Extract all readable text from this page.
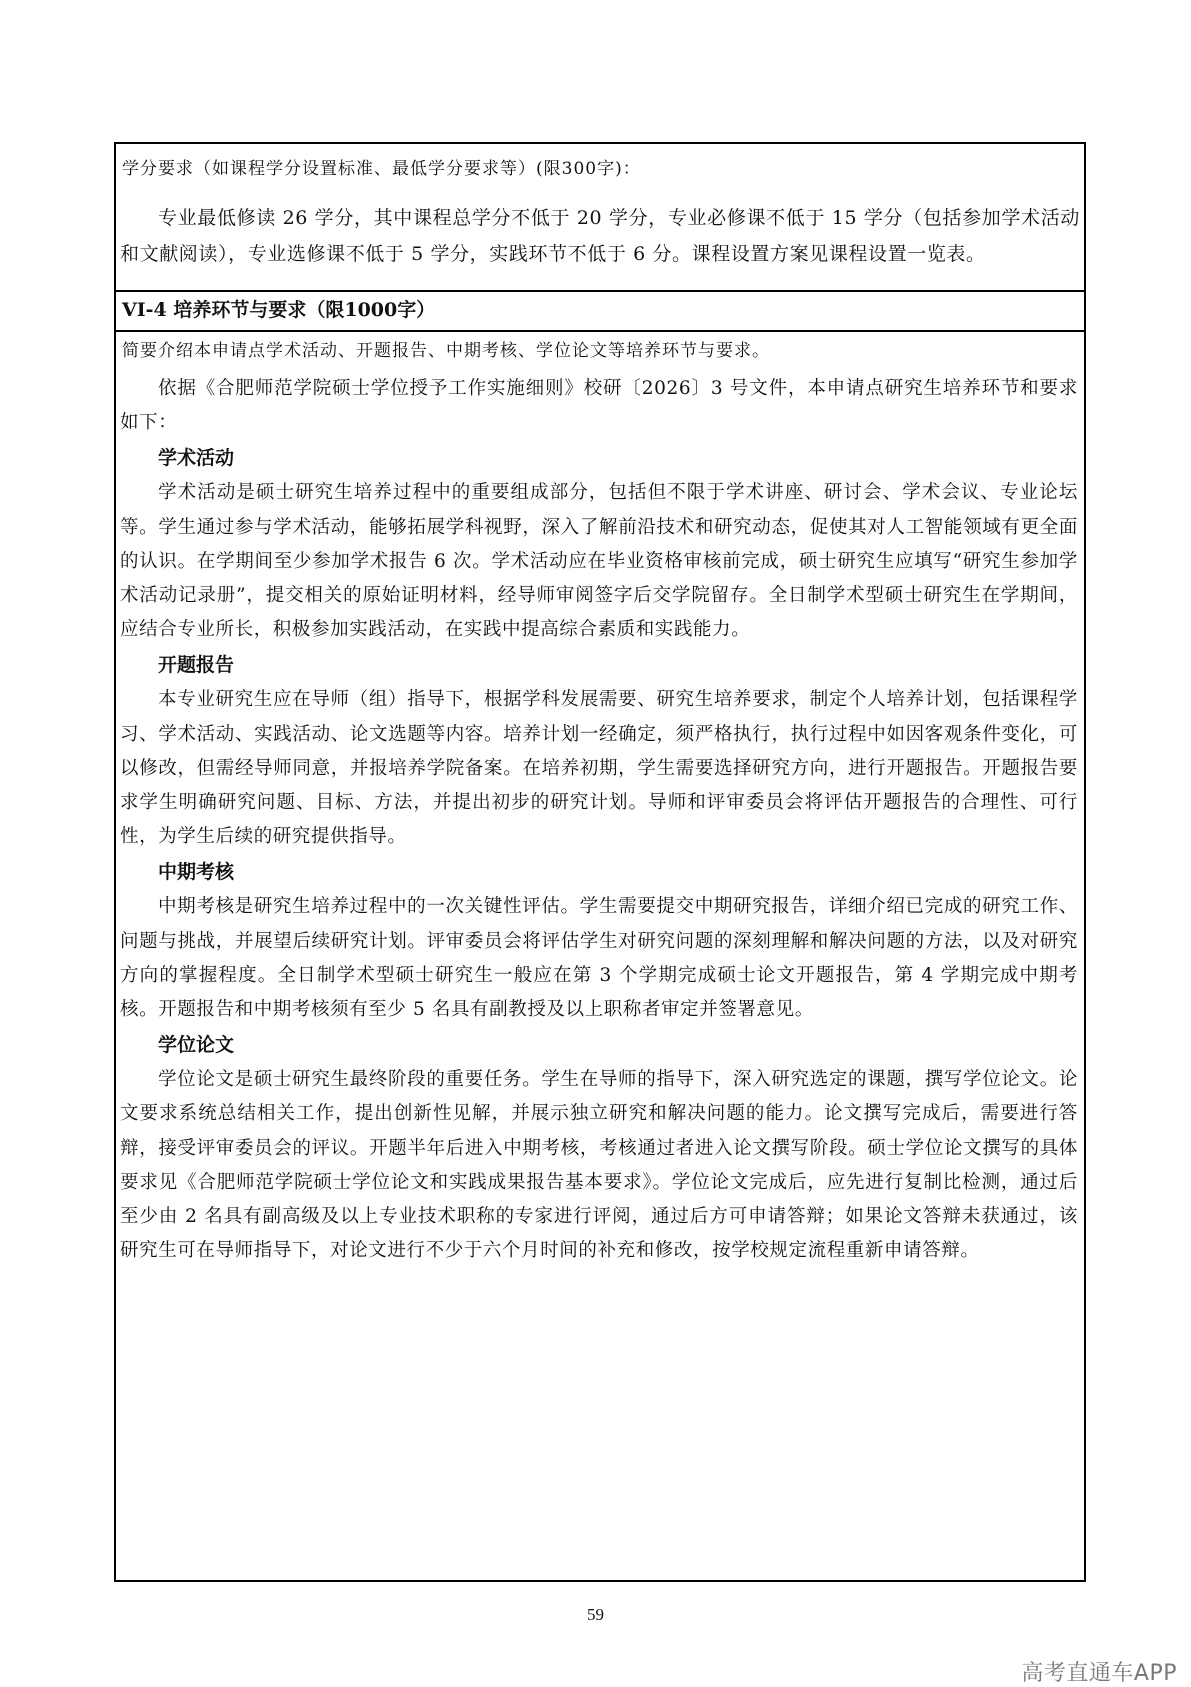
学分要求（如课程学分设置标准、最低学分要求等）(限300字)：

专业最低修读 26 学分，其中课程总学分不低于 20 学分，专业必修课不低于 15 学分（包括参加学术活动和文献阅读），专业选修课不低于 5 学分，实践环节不低于 6 分。课程设置方案见课程设置一览表。

VI-4 培养环节与要求（限1000字）

简要介绍本申请点学术活动、开题报告、中期考核、学位论文等培养环节与要求。

依据《合肥师范学院硕士学位授予工作实施细则》校研〔2026〕3 号文件，本申请点研究生培养环节和要求如下：

学术活动

学术活动是硕士研究生培养过程中的重要组成部分，包括但不限于学术讲座、研讨会、学术会议、专业论坛等。学生通过参与学术活动，能够拓展学科视野，深入了解前沿技术和研究动态，促使其对人工智能领域有更全面的认识。在学期间至少参加学术报告 6 次。学术活动应在毕业资格审核前完成，硕士研究生应填写“研究生参加学术活动记录册”，提交相关的原始证明材料，经导师审阅签字后交学院留存。全日制学术型硕士研究生在学期间，应结合专业所长，积极参加实践活动，在实践中提高综合素质和实践能力。

开题报告

本专业研究生应在导师（组）指导下，根据学科发展需要、研究生培养要求，制定个人培养计划，包括课程学习、学术活动、实践活动、论文选题等内容。培养计划一经确定，须严格执行，执行过程中如因客观条件变化，可以修改，但需经导师同意，并报培养学院备案。在培养初期，学生需要选择研究方向，进行开题报告。开题报告要求学生明确研究问题、目标、方法，并提出初步的研究计划。导师和评审委员会将评估开题报告的合理性、可行性，为学生后续的研究提供指导。

中期考核

中期考核是研究生培养过程中的一次关键性评估。学生需要提交中期研究报告，详细介绍已完成的研究工作、问题与挑战，并展望后续研究计划。评审委员会将评估学生对研究问题的深刻理解和解决问题的方法，以及对研究方向的掌握程度。全日制学术型硕士研究生一般应在第 3 个学期完成硕士论文开题报告，第 4 学期完成中期考核。开题报告和中期考核须有至少 5 名具有副教授及以上职称者审定并签署意见。

学位论文

学位论文是硕士研究生最终阶段的重要任务。学生在导师的指导下，深入研究选定的课题，撰写学位论文。论文要求系统总结相关工作，提出创新性见解，并展示独立研究和解决问题的能力。论文撰写完成后，需要进行答辩，接受评审委员会的评议。开题半年后进入中期考核，考核通过者进入论文撰写阶段。硕士学位论文撰写的具体要求见《合肥师范学院硕士学位论文和实践成果报告基本要求》。学位论文完成后，应先进行复制比检测，通过后至少由 2 名具有副高级及以上专业技术职称的专家进行评阅，通过后方可申请答辩；如果论文答辩未获通过，该研究生可在导师指导下，对论文进行不少于六个月时间的补充和修改，按学校规定流程重新申请答辩。

59
高考直通车APP
